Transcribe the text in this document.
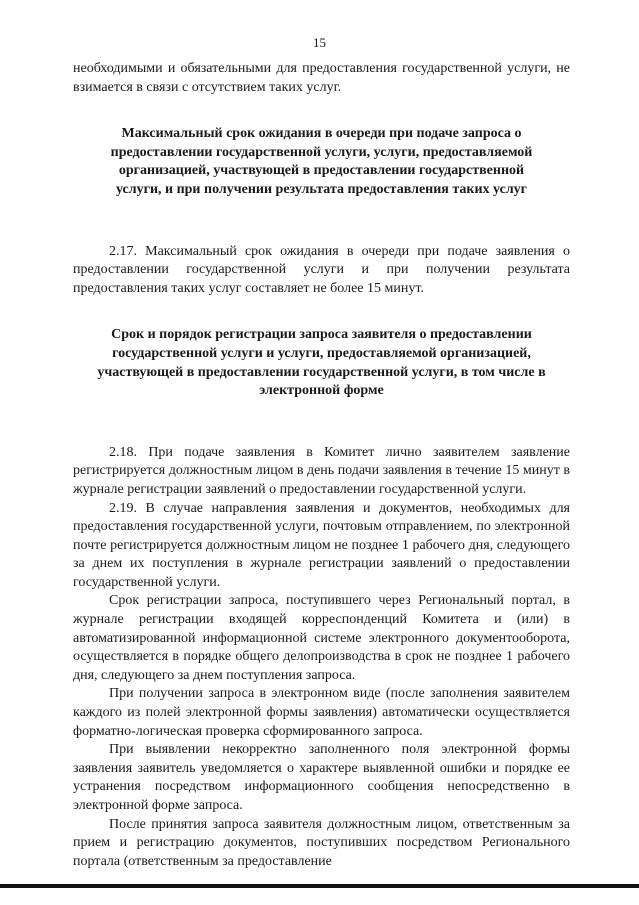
15

необходимыми и обязательными для предоставления государственной услуги, не взимается в связи с отсутствием таких услуг.

Максимальный срок ожидания в очереди при подаче запроса о
предоставлении государственной услуги, услуги, предоставляемой
организацией, участвующей в предоставлении государственной
услуги, и при получении результата предоставления таких услуг

2.17. Максимальный срок ожидания в очереди при подаче заявления о предоставлении государственной услуги и при получении результата предоставления таких услуг составляет не более 15 минут.

Срок и порядок регистрации запроса заявителя о предоставлении
государственной услуги и услуги, предоставляемой организацией,
участвующей в предоставлении государственной услуги, в том числе в
электронной форме

2.18. При подаче заявления в Комитет лично заявителем заявление регистрируется должностным лицом в день подачи заявления в течение 15 минут в журнале регистрации заявлений о предоставлении государственной услуги.

2.19. В случае направления заявления и документов, необходимых для предоставления государственной услуги, почтовым отправлением, по электронной почте регистрируется должностным лицом не позднее 1 рабочего дня, следующего за днем их поступления в журнале регистрации заявлений о предоставлении государственной услуги.

Срок регистрации запроса, поступившего через Региональный портал, в журнале регистрации входящей корреспонденций Комитета и (или) в автоматизированной информационной системе электронного документооборота, осуществляется в порядке общего делопроизводства в срок не позднее 1 рабочего дня, следующего за днем поступления запроса.

При получении запроса в электронном виде (после заполнения заявителем каждого из полей электронной формы заявления) автоматически осуществляется форматно-логическая проверка сформированного запроса.

При выявлении некорректно заполненного поля электронной формы заявления заявитель уведомляется о характере выявленной ошибки и порядке ее устранения посредством информационного сообщения непосредственно в электронной форме запроса.

После принятия запроса заявителя должностным лицом, ответственным за прием и регистрацию документов, поступивших посредством Регионального портала (ответственным за предоставление
